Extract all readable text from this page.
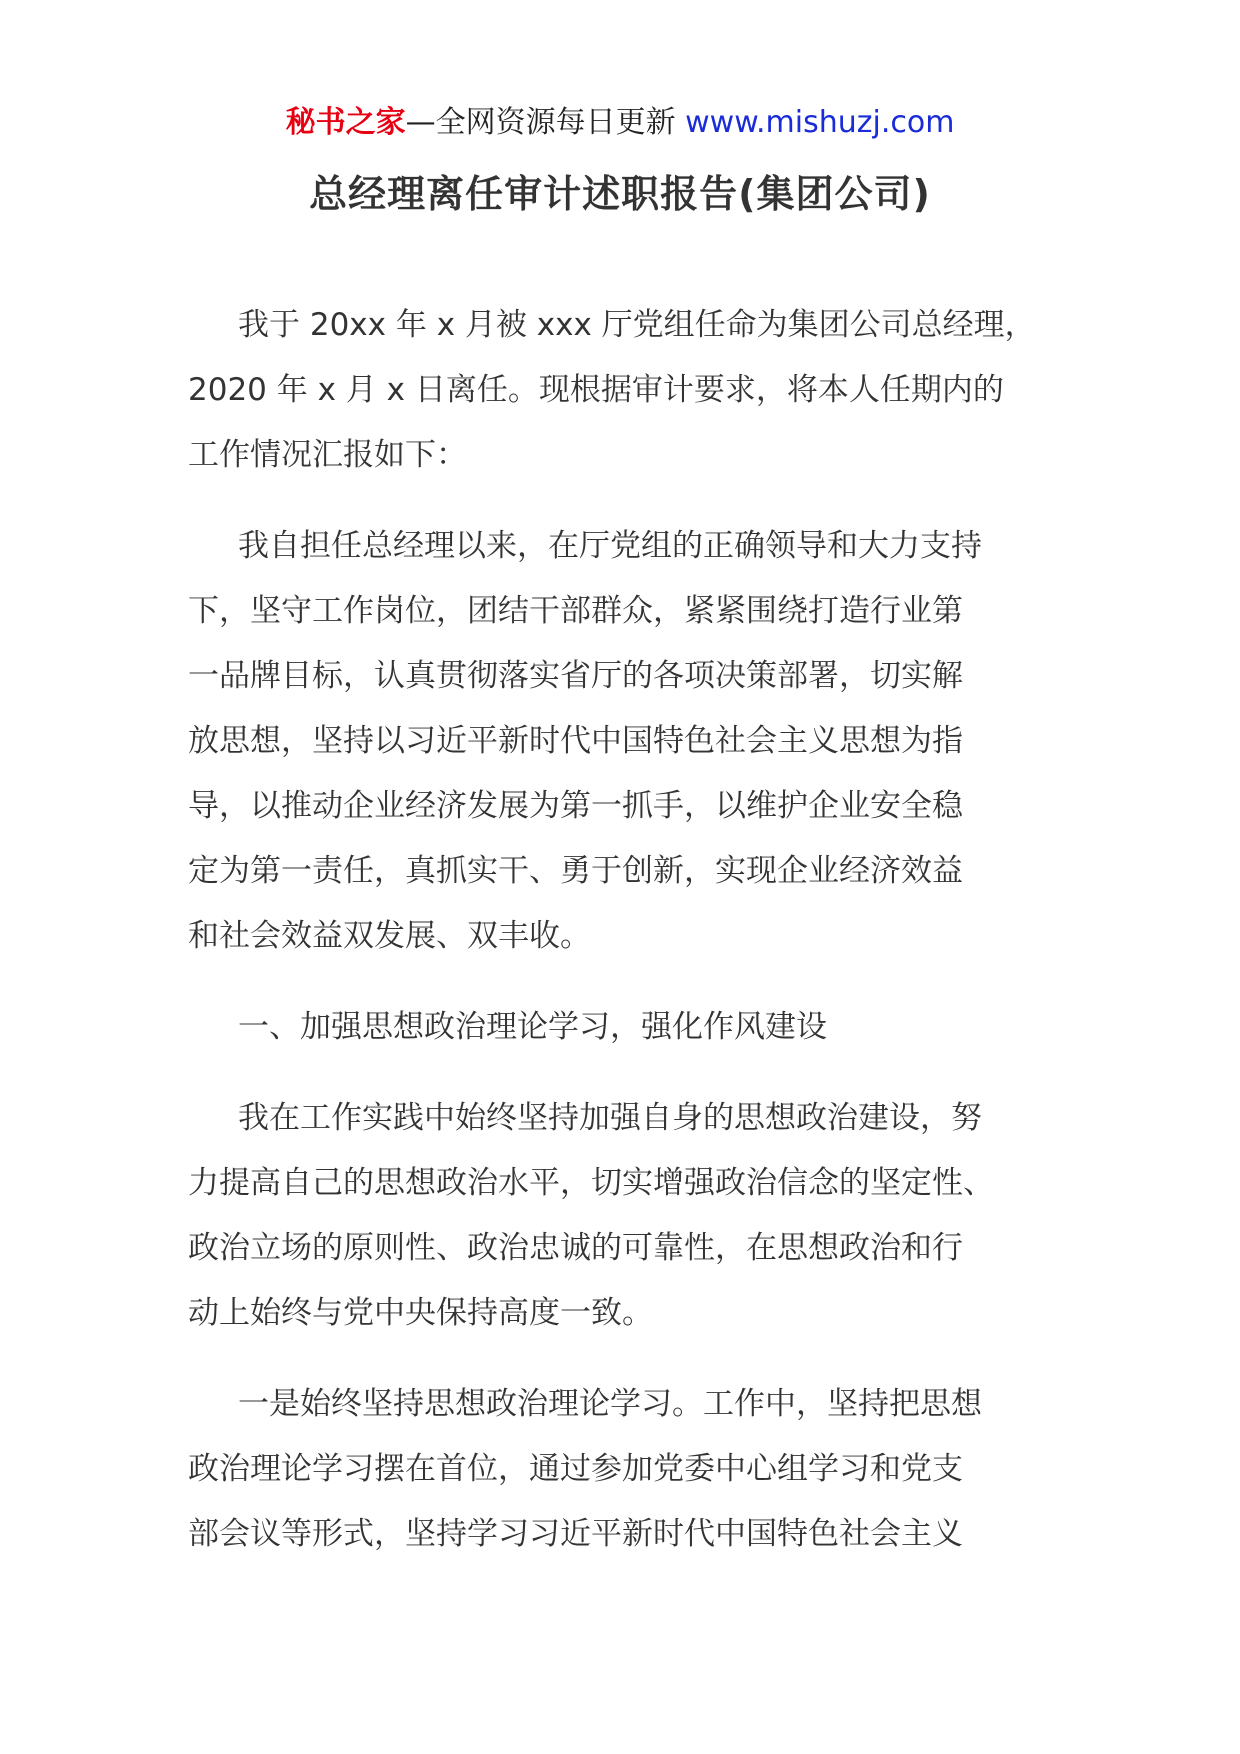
秘书之家—全网资源每日更新 www.mishuzj.com
总经理离任审计述职报告(集团公司)

我于 20xx 年 x 月被 xxx 厅党组任命为集团公司总经理，
2020 年 x 月 x 日离任。现根据审计要求，将本人任期内的
工作情况汇报如下：

我自担任总经理以来，在厅党组的正确领导和大力支持
下，坚守工作岗位，团结干部群众，紧紧围绕打造行业第
一品牌目标，认真贯彻落实省厅的各项决策部署，切实解
放思想，坚持以习近平新时代中国特色社会主义思想为指
导，以推动企业经济发展为第一抓手，以维护企业安全稳
定为第一责任，真抓实干、勇于创新，实现企业经济效益
和社会效益双发展、双丰收。

一、加强思想政治理论学习，强化作风建设

我在工作实践中始终坚持加强自身的思想政治建设，努
力提高自己的思想政治水平，切实增强政治信念的坚定性、
政治立场的原则性、政治忠诚的可靠性，在思想政治和行
动上始终与党中央保持高度一致。

一是始终坚持思想政治理论学习。工作中，坚持把思想
政治理论学习摆在首位，通过参加党委中心组学习和党支
部会议等形式，坚持学习习近平新时代中国特色社会主义
